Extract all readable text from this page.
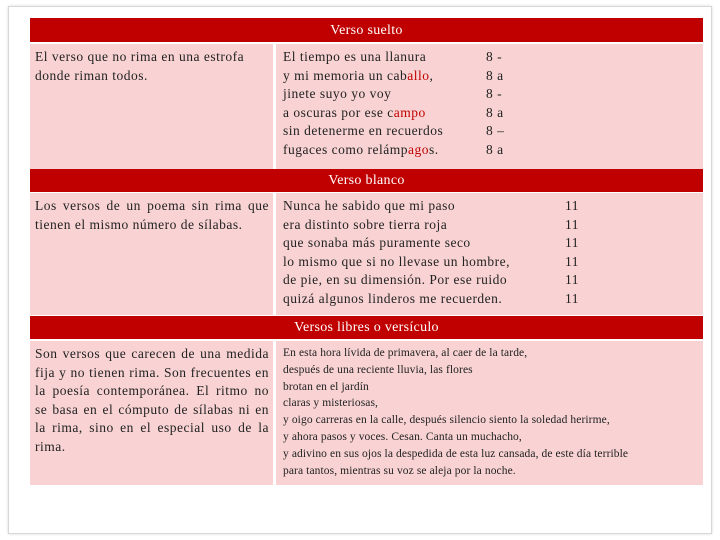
Verso suelto
El verso que no rima en una estrofa donde riman todos.
El tiempo es una llanura	8 -
y mi memoria un caballo,	8 a
jinete suyo yo voy	8 -
a oscuras por ese campo	8 a
sin detenerme en recuerdos	8 –
fugaces como relámpagos.	8 a
Verso blanco
Los versos de un poema sin rima que tienen el mismo número de sílabas.
Nunca he sabido que mi paso	11
era distinto sobre tierra roja	11
que sonaba más puramente seco	11
lo mismo que si no llevase un hombre,	11
de pie, en su dimensión. Por ese ruido	11
quizá algunos linderos me recuerden.	11
Versos libres o versículo
Son versos que carecen de una medida fija y no tienen rima. Son frecuentes en la poesía contemporánea. El ritmo no se basa en el cómputo de sílabas ni en la rima, sino en el especial uso de la rima.
En esta hora lívida de primavera, al caer de la tarde,
después de una reciente lluvia, las flores
brotan en el jardín
claras y misteriosas,
y oigo carreras en la calle, después silencio siento la soledad herirme,
y ahora pasos y voces. Cesan. Canta un muchacho,
y adivino en sus ojos la despedida de esta luz cansada, de este día terrible
para tantos, mientras su voz se aleja por la noche.
